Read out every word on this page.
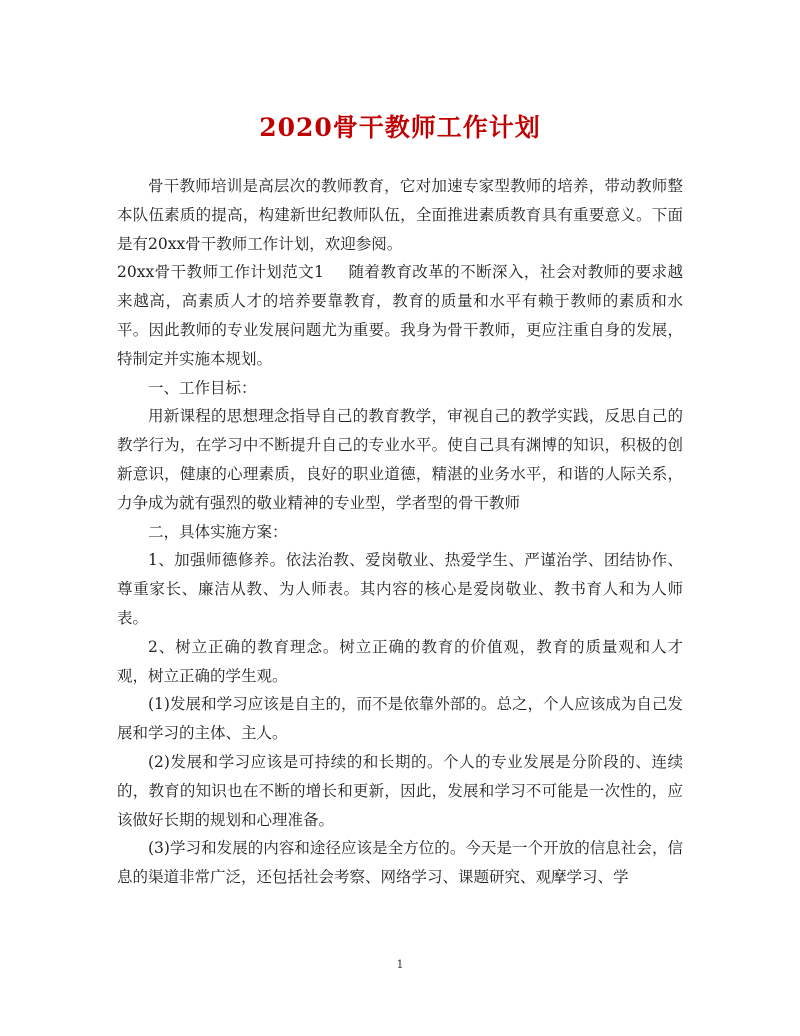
2020骨干教师工作计划

骨干教师培训是高层次的教师教育，它对加速专家型教师的培养，带动教师整本队伍素质的提高，构建新世纪教师队伍，全面推进素质教育具有重要意义。下面是有20xx骨干教师工作计划，欢迎参阅。

20xx骨干教师工作计划范文1 随着教育改革的不断深入，社会对教师的要求越来越高，高素质人才的培养要靠教育，教育的质量和水平有赖于教师的素质和水平。因此教师的专业发展问题尤为重要。我身为骨干教师，更应注重自身的发展，特制定并实施本规划。

一、工作目标：

用新课程的思想理念指导自己的教育教学，审视自己的教学实践，反思自己的教学行为，在学习中不断提升自己的专业水平。使自己具有渊博的知识，积极的创新意识，健康的心理素质，良好的职业道德，精湛的业务水平，和谐的人际关系，力争成为就有强烈的敬业精神的专业型，学者型的骨干教师

二，具体实施方案：

1、加强师德修养。依法治教、爱岗敬业、热爱学生、严谨治学、团结协作、尊重家长、廉洁从教、为人师表。其内容的核心是爱岗敬业、教书育人和为人师表。

2、树立正确的教育理念。树立正确的教育的价值观，教育的质量观和人才观，树立正确的学生观。

(1)发展和学习应该是自主的，而不是依靠外部的。总之，个人应该成为自己发展和学习的主体、主人。

(2)发展和学习应该是可持续的和长期的。个人的专业发展是分阶段的、连续的，教育的知识也在不断的增长和更新，因此，发展和学习不可能是一次性的，应该做好长期的规划和心理准备。

(3)学习和发展的内容和途径应该是全方位的。今天是一个开放的信息社会，信息的渠道非常广泛，还包括社会考察、网络学习、课题研究、观摩学习、学

1
